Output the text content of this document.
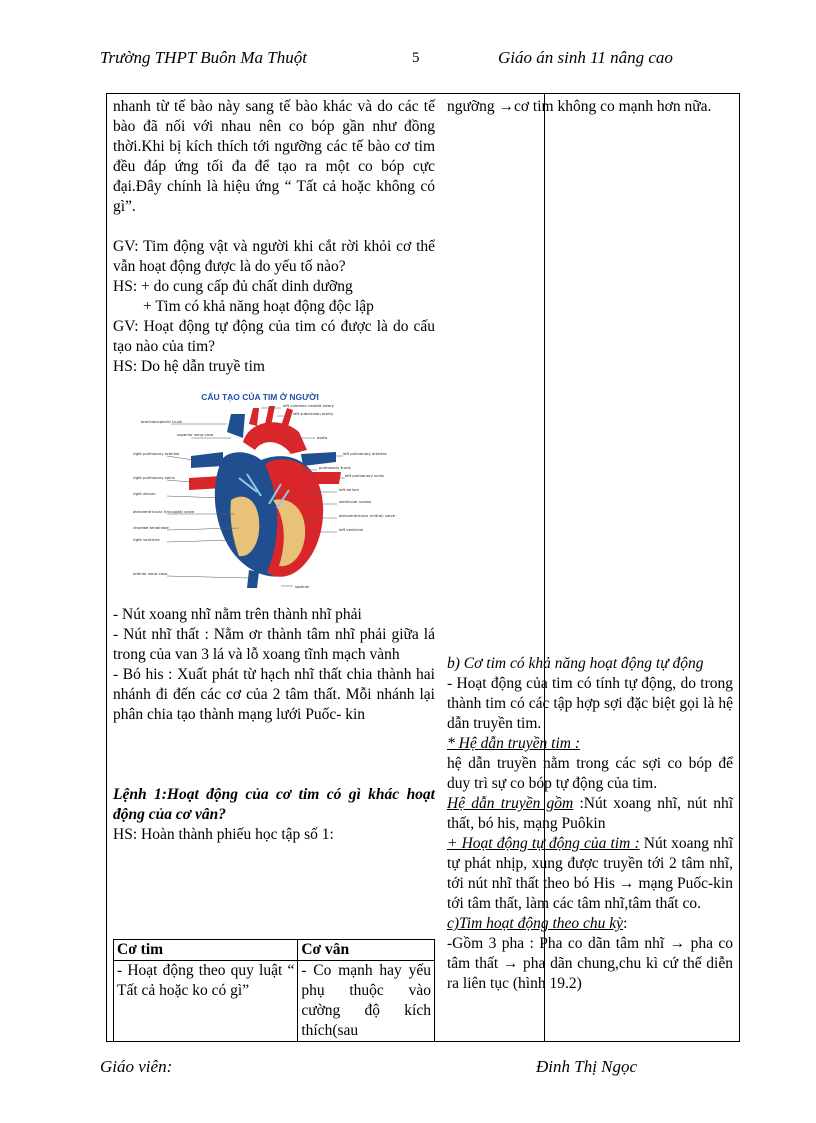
Trường THPT Buôn Ma Thuột	5	Giáo án sinh 11 nâng cao

nhanh từ tế bào này sang tế bào khác và do các tế bào đã nối với nhau nên co bóp gần như đồng thời.Khi bị kích thích tới ngưỡng các tế bào cơ tim đều đáp ứng tối đa để tạo ra một co bóp cực đại.Đây chính là hiệu ứng “ Tất cả hoặc không có gì”.

GV: Tim động vật và người khi cắt rời khỏi cơ thể vẫn hoạt động được là do yếu tố nào?

HS: + do cung cấp đủ chất dinh dưỡng

+ Tim có khả năng hoạt động độc lập

GV: Hoạt động tự động của tim có được là do cấu tạo nào của tim?

HS: Do hệ dẫn truyề tim

CẤU TẠO CỦA TIM Ở NGƯỜI
brachiocephalic trunk
superior vena cava
right pulmonary arteries
right pulmonary veins
right atrium
atrioventricular (tricuspid) valve
chordae tendineae
right ventricle
inferior vena cava
left common carotid artery
left subclavian artery
aorta
left pulmonary arteries
pulmonary trunk
left pulmonary veins
left atrium
semilunar valves
atrioventricular (mitral) valve
left ventricle
septum

- Nút xoang nhĩ nằm trên thành nhĩ phải

- Nút nhĩ thất : Nằm ơr thành tâm nhĩ phải giữa lá trong của van 3 lá và lỗ xoang tĩnh mạch vành

- Bó his : Xuất phát từ hạch nhĩ thất chia thành hai nhánh đi đến các cơ của 2 tâm thất. Mỗi nhánh lại phân chia tạo thành mạng lưới Puốc- kin

Lệnh 1:Hoạt động của cơ tim có gì khác hoạt động của cơ vân?

HS: Hoàn thành phiếu học tập số 1:

Cơ tim	Cơ vân
- Hoạt động theo quy luật “ Tất cả hoặc ko có gì”	- Co mạnh hay yếu phụ thuộc vào cường độ kích thích(sau

ngưỡng →cơ tim không co mạnh hơn nữa.

b) Cơ tim có khả năng hoạt động tự động

- Hoạt động của tim có tính tự động, do trong thành tim có các tập hợp sợi đặc biệt gọi là hệ dẫn truyền tim.

* Hệ dẫn truyền tim :

hệ dẫn truyền nằm trong các sợi co bóp để duy trì sự co bóp tự động của tim.

Hệ dẫn truyền gồm :Nút xoang nhĩ, nút nhĩ thất, bó his, mạng Puôkin

+ Hoạt động tự động của tim : Nút xoang nhĩ tự phát nhịp, xung được truyền tới 2 tâm nhĩ, tới nút nhĩ thất theo bó His → mạng Puốc-kin tới tâm thất, làm các tâm nhĩ,tâm thất co.

c)Tim hoạt động theo chu kỳ:

-Gồm 3 pha : Pha co dãn tâm nhĩ → pha co tâm thất → pha dãn chung,chu kì cứ thế diễn ra liên tục (hình 19.2)

Giáo viên:	Đinh Thị Ngọc
